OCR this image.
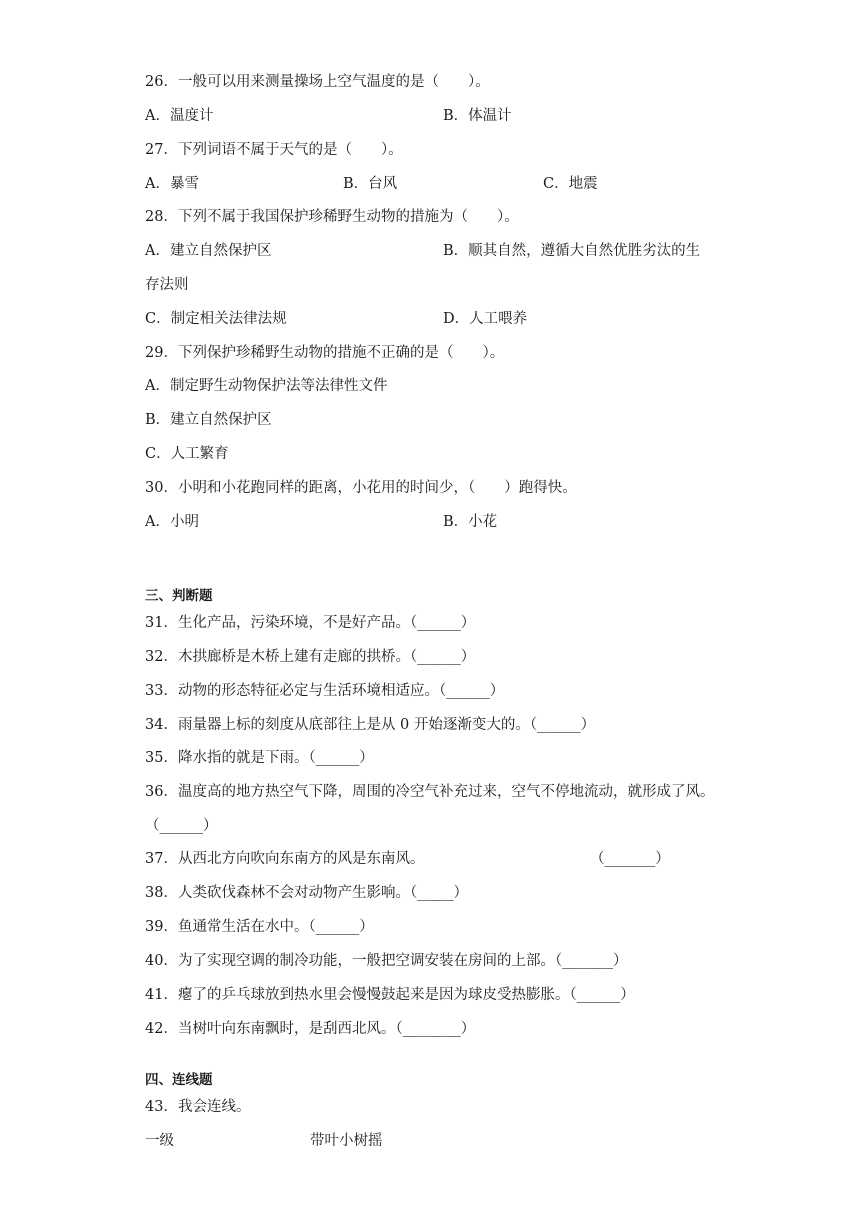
26．一般可以用来测量操场上空气温度的是（　　）。
A．温度计	B．体温计
27．下列词语不属于天气的是（　　）。
A．暴雪	B．台风	C．地震
28．下列不属于我国保护珍稀野生动物的措施为（　　）。
A．建立自然保护区	B．顺其自然，遵循大自然优胜劣汰的生
存法则
C．制定相关法律法规	D．人工喂养
29．下列保护珍稀野生动物的措施不正确的是（　　）。
A．制定野生动物保护法等法律性文件
B．建立自然保护区
C．人工繁育
30．小明和小花跑同样的距离，小花用的时间少，（　　）跑得快。
A．小明	B．小花
三、判断题
31．生化产品，污染环境，不是好产品。（______）
32．木拱廊桥是木桥上建有走廊的拱桥。（______）
33．动物的形态特征必定与生活环境相适应。（______）
34．雨量器上标的刻度从底部往上是从 0 开始逐渐变大的。（______）
35．降水指的就是下雨。（______）
36．温度高的地方热空气下降，周围的冷空气补充过来，空气不停地流动，就形成了风。
（______）
37．从西北方向吹向东南方的风是东南风。	（_______）
38．人类砍伐森林不会对动物产生影响。（_____）
39．鱼通常生活在水中。（______）
40．为了实现空调的制冷功能，一般把空调安装在房间的上部。（_______）
41．瘪了的乒乓球放到热水里会慢慢鼓起来是因为球皮受热膨胀。（______）
42．当树叶向东南飘时，是刮西北风。（________）
四、连线题
43．我会连线。
一级	带叶小树摇
